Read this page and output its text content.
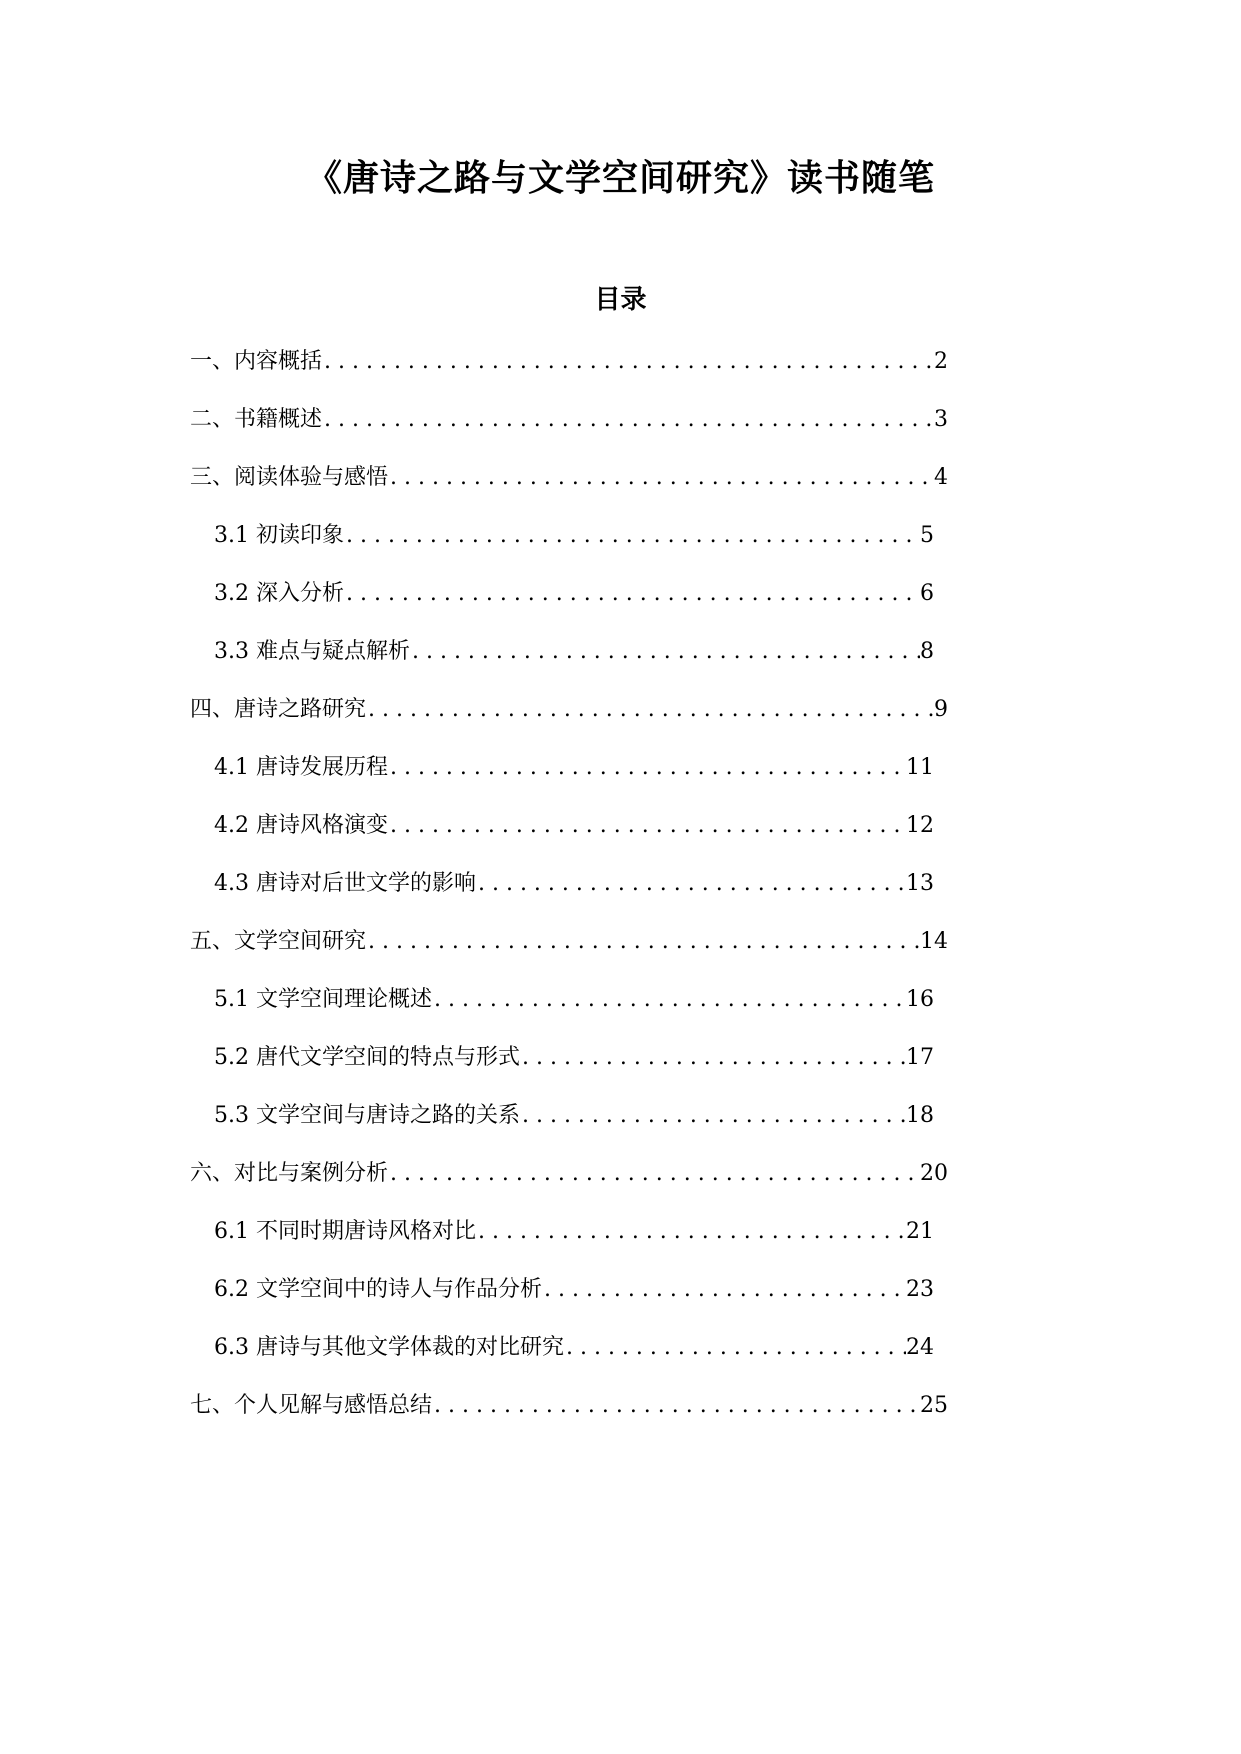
《唐诗之路与文学空间研究》读书随笔
目录
一、内容概括 . . .	2
二、书籍概述 . . .	3
三、阅读体验与感悟 . . .	4
3.1 初读印象 . . .	5
3.2 深入分析 . . .	6
3.3 难点与疑点解析 . . .	8
四、唐诗之路研究 . . .	9
4.1 唐诗发展历程 . . .	11
4.2 唐诗风格演变 . . .	12
4.3 唐诗对后世文学的影响 . . .	13
五、文学空间研究 . . .	14
5.1 文学空间理论概述 . . .	16
5.2 唐代文学空间的特点与形式 . . .	17
5.3 文学空间与唐诗之路的关系 . . .	18
六、对比与案例分析 . . .	20
6.1 不同时期唐诗风格对比 . . .	21
6.2 文学空间中的诗人与作品分析 . . .	23
6.3 唐诗与其他文学体裁的对比研究 . . .	24
七、个人见解与感悟总结 . . .	25
